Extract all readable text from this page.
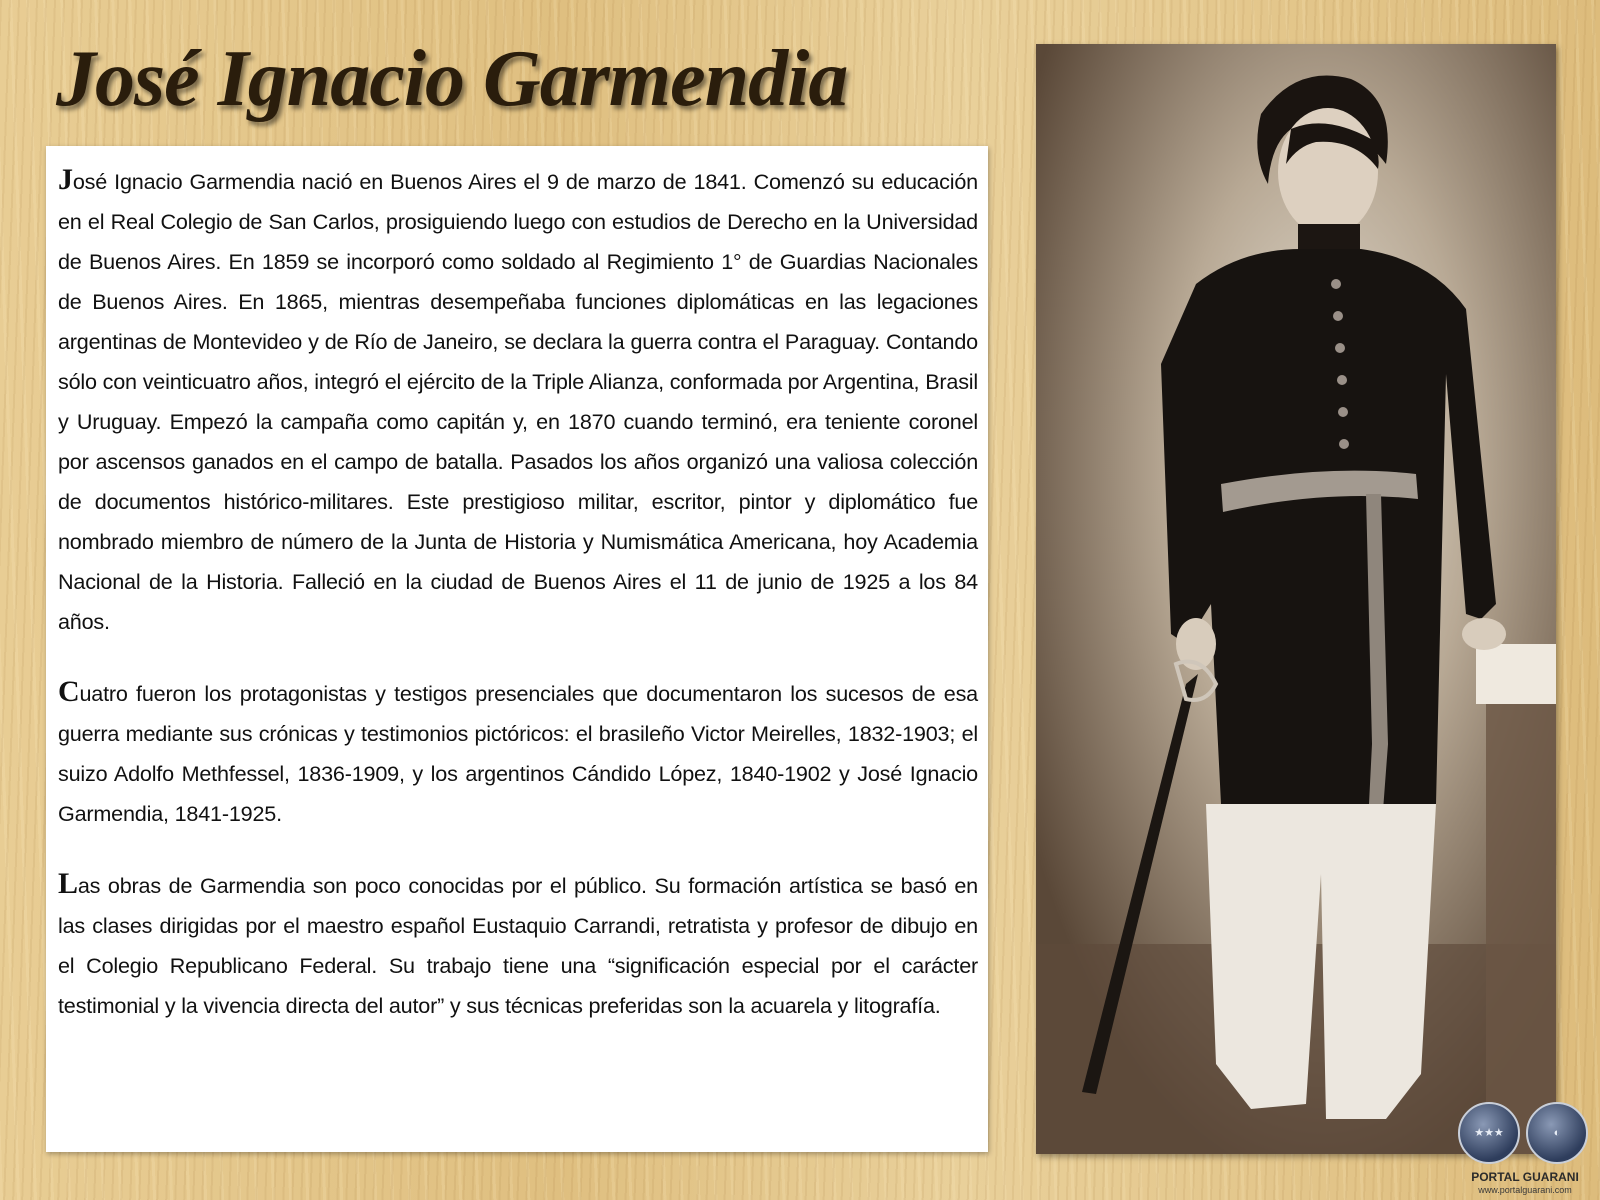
José Ignacio Garmendia

José Ignacio Garmendia nació en Buenos Aires el 9 de marzo de 1841. Comenzó su educación en el Real Colegio de San Carlos, prosiguiendo luego con estudios de Derecho en la Universidad de Buenos Aires. En 1859 se incorporó como soldado al Regimiento 1° de Guardias Nacionales de Buenos Aires. En 1865, mientras desempeñaba funciones diplomáticas en las legaciones argentinas de Montevideo y de Río de Janeiro, se declara la guerra contra el Paraguay. Contando sólo con veinticuatro años, integró el ejército de la Triple Alianza, conformada por Argentina, Brasil y Uruguay. Empezó la campaña como capitán y, en 1870 cuando terminó, era teniente coronel por ascensos ganados en el campo de batalla. Pasados los años organizó una valiosa colección de documentos histórico-militares. Este prestigioso militar, escritor, pintor y diplomático fue nombrado miembro de número de la Junta de Historia y Numismática Americana, hoy Academia Nacional de la Historia. Falleció en la ciudad de Buenos Aires el 11 de junio de 1925 a los 84 años.

Cuatro fueron los protagonistas y testigos presenciales que documentaron los sucesos de esa guerra mediante sus crónicas y testimonios pictóricos: el brasileño Victor Meirelles, 1832-1903; el suizo Adolfo Methfessel, 1836-1909, y los argentinos Cándido López, 1840-1902 y José Ignacio Garmendia, 1841-1925.

Las obras de Garmendia son poco conocidas por el público. Su formación artística se basó en las clases dirigidas por el maestro español Eustaquio Carrandi, retratista y profesor de dibujo en el Colegio Republicano Federal. Su trabajo tiene una “significación especial por el carácter testimonial y la vivencia directa del autor” y sus técnicas preferidas son la acuarela y litografía.

★★★	◐
PORTAL GUARANI
www.portalguarani.com
